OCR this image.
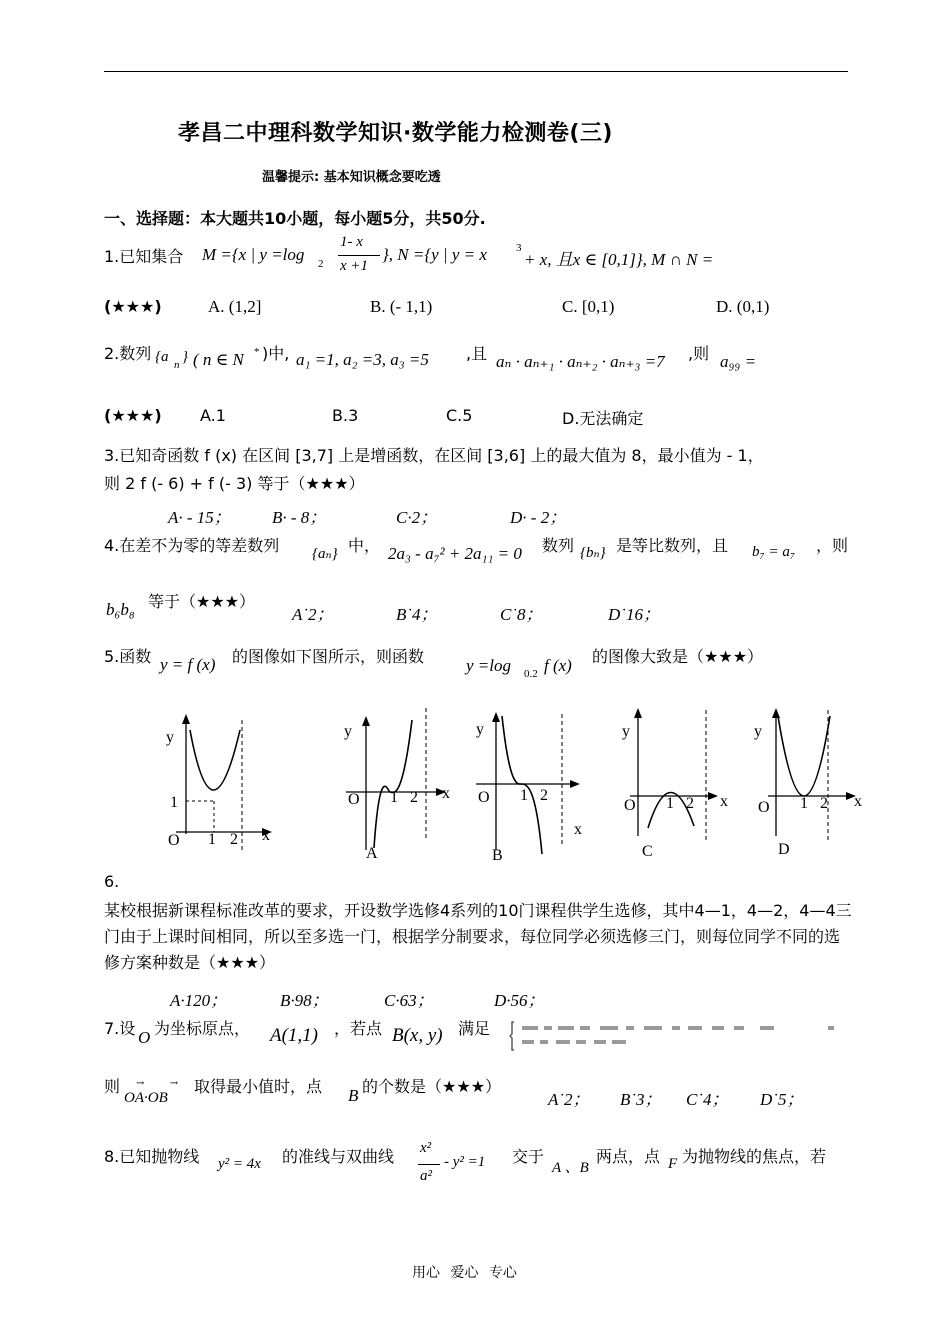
孝昌二中理科数学知识·数学能力检测卷(三)
温馨提示: 基本知识概念要吃透
一、选择题：本大题共10小题，每小题5分，共50分.
1.已知集合 M ={x | y =log 2
1- x
x +1
}, N ={y | y = x	3
+ x, 且x ∈ [0,1]}, M ∩ N =
(★★★)	A. (1,2]	B. (- 1,1)	C. [0,1)	D. (0,1)
2.数列 {a n } ( n ∈ N * )中, a₁ =1, a₂ =3, a₃ =5 ,且 aₙ · aₙ₊₁ · aₙ₊₂ · aₙ₊₃ =7 ,则 a₉₉ =
(★★★) A.1	B.3	C.5	D.无法确定
3.已知奇函数 f (x) 在区间 [3,7] 上是增函数，在区间 [3,6] 上的最大值为 8，最小值为 - 1，
则 2 f (- 6) + f (- 3) 等于（★★★）
A· - 15； B· - 8；	C·2；	D· - 2；
4.在差不为零的等差数列 {aₙ} 中， 2a₃ - a₇² + 2a₁₁ = 0 数列 {bₙ} 是等比数列，且 b₇ = a₇ ，则
b₆b₈ 等于（★★★）
A˙2；	B˙4；	C˙8；	D˙16；
5.函数 y = f (x) 的图像如下图所示，则函数 y =log 0.2 f (x) 的图像大致是（★★★）
y
1
O 1 2 x
y
O 1 2 x
A
y
O 1 2
x
B
y
O 1 2 x
C
y
O 1 2 x
D
6.
某校根据新课程标准改革的要求，开设数学选修4系列的10门课程供学生选修，其中4—1，4—2，4—4三门由于上课时间相同，所以至多选一门，根据学分制要求，每位同学必须选修三门，则每位同学不同的选修方案种数是（★★★）
A·120；	B·98；	C·63；	D·56；
7.设 O 为坐标原点， A(1,1) ，若点 B(x, y) 满足
则 →        →
OA·OB
取得最小值时，点 B 的个数是（★★★）
A˙2； B˙3； C˙4； D˙5；
8.已知抛物线 y² = 4x 的准线与双曲线 x²
a²
- y² =1 交于
A 、B
两点，点 F 为抛物线的焦点，若
用心 爱心 专心
